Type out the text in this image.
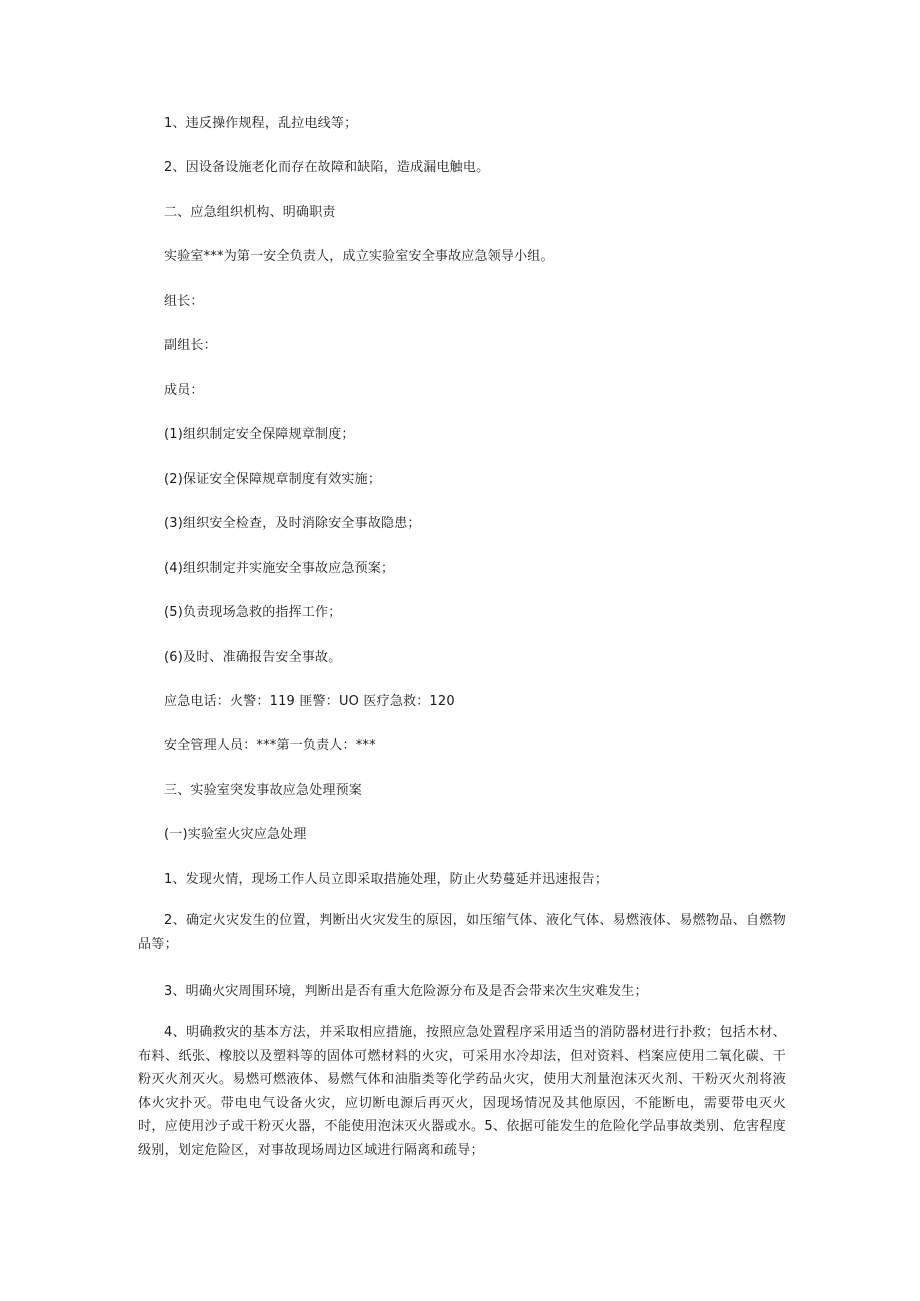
1、违反操作规程，乱拉电线等；
2、因设备设施老化而存在故障和缺陷，造成漏电触电。
二、应急组织机构、明确职责
实验室***为第一安全负责人，成立实验室安全事故应急领导小组。
组长：
副组长：
成员：
(1)组织制定安全保障规章制度；
(2)保证安全保障规章制度有效实施；
(3)组织安全检查，及时消除安全事故隐患；
(4)组织制定并实施安全事故应急预案；
(5)负责现场急救的指挥工作；
(6)及时、准确报告安全事故。
应急电话：火警：119 匪警：UO 医疗急救：120
安全管理人员：***第一负责人：***
三、实验室突发事故应急处理预案
(一)实验室火灾应急处理
1、发现火情，现场工作人员立即采取措施处理，防止火势蔓延并迅速报告；
2、确定火灾发生的位置，判断出火灾发生的原因，如压缩气体、液化气体、易燃液体、易燃物品、自燃物品等；
3、明确火灾周围环境，判断出是否有重大危险源分布及是否会带来次生灾难发生；
4、明确救灾的基本方法，并采取相应措施，按照应急处置程序采用适当的消防器材进行扑救；包括木材、布料、纸张、橡胶以及塑料等的固体可燃材料的火灾，可采用水冷却法，但对资料、档案应使用二氧化碳、干粉灭火剂灭火。易燃可燃液体、易燃气体和油脂类等化学药品火灾，使用大剂量泡沫灭火剂、干粉灭火剂将液体火灾扑灭。带电电气设备火灾，应切断电源后再灭火，因现场情况及其他原因，不能断电，需要带电灭火时，应使用沙子或干粉灭火器，不能使用泡沫灭火器或水。5、依据可能发生的危险化学品事故类别、危害程度级别，划定危险区，对事故现场周边区域进行隔离和疏导；
